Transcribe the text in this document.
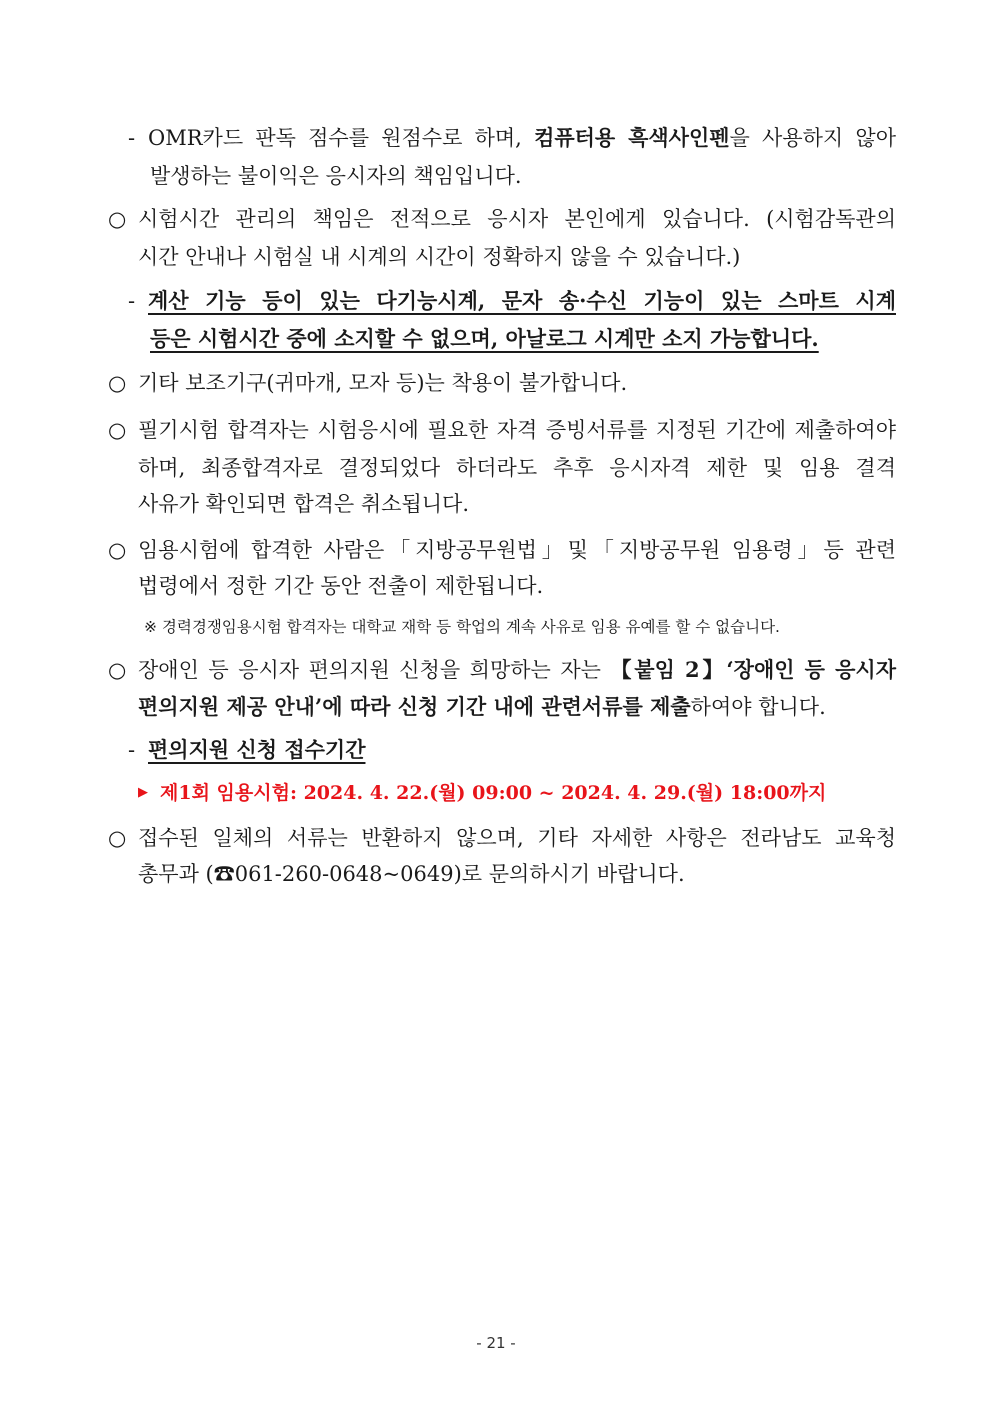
- OMR카드 판독 점수를 원점수로 하며, 컴퓨터용 흑색사인펜을 사용하지 않아
발생하는 불이익은 응시자의 책임입니다.
○ 시험시간 관리의 책임은 전적으로 응시자 본인에게 있습니다. (시험감독관의
시간 안내나 시험실 내 시계의 시간이 정확하지 않을 수 있습니다.)
- 계산 기능 등이 있는 다기능시계, 문자 송·수신 기능이 있는 스마트 시계
등은 시험시간 중에 소지할 수 없으며, 아날로그 시계만 소지 가능합니다.
○ 기타 보조기구(귀마개, 모자 등)는 착용이 불가합니다.
○ 필기시험 합격자는 시험응시에 필요한 자격 증빙서류를 지정된 기간에 제출하여야
하며, 최종합격자로 결정되었다 하더라도 추후 응시자격 제한 및 임용 결격
사유가 확인되면 합격은 취소됩니다.
○ 임용시험에 합격한 사람은「지방공무원법」및「지방공무원 임용령」등 관련
법령에서 정한 기간 동안 전출이 제한됩니다.
※ 경력경쟁임용시험 합격자는 대학교 재학 등 학업의 계속 사유로 임용 유예를 할 수 없습니다.
○ 장애인 등 응시자 편의지원 신청을 희망하는 자는 【붙임 2】‘장애인 등 응시자
편의지원 제공 안내’에 따라 신청 기간 내에 관련서류를 제출하여야 합니다.
- 편의지원 신청 접수기간
▶ 제1회 임용시험: 2024. 4. 22.(월) 09:00 ~ 2024. 4. 29.(월) 18:00까지
○ 접수된 일체의 서류는 반환하지 않으며, 기타 자세한 사항은 전라남도 교육청
총무과 (☎061-260-0648~0649)로 문의하시기 바랍니다.
- 21 -
